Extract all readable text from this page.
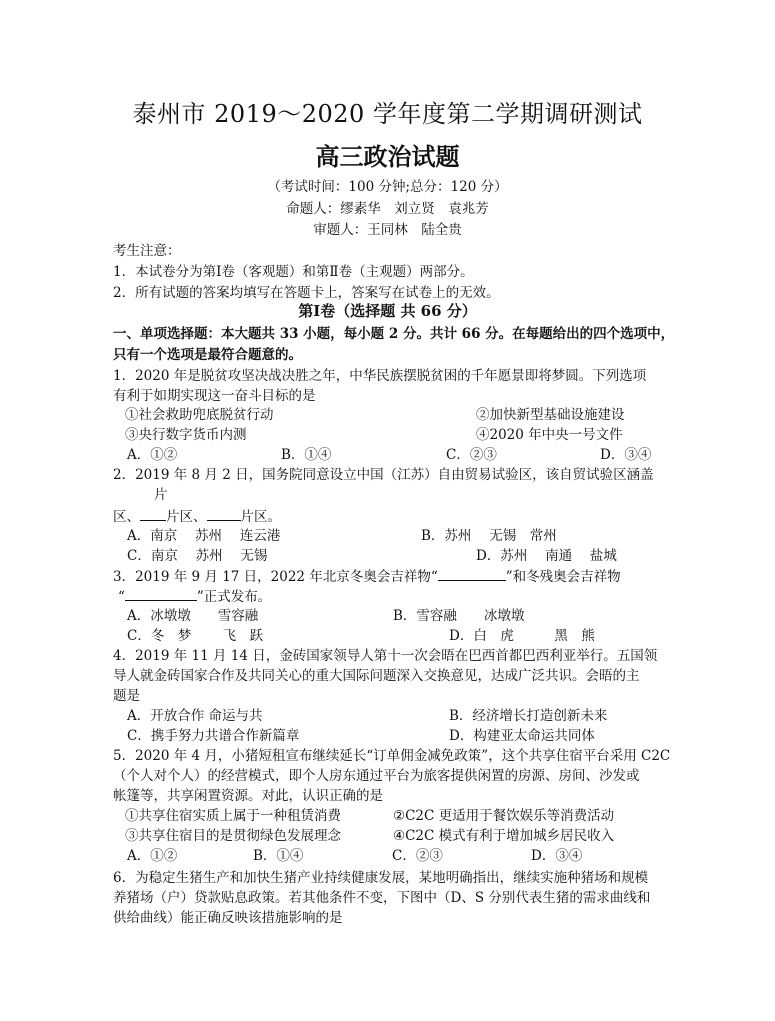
泰州市 2019～2020 学年度第二学期调研测试
高三政治试题
（考试时间：100 分钟;总分：120 分）
命题人：缪素华　刘立贤　袁兆芳
审题人：王同林　陆全贵
考生注意：
1．本试卷分为第Ⅰ卷（客观题）和第Ⅱ卷（主观题）两部分。
2．所有试题的答案均填写在答题卡上，答案写在试卷上的无效。
第Ⅰ卷（选择题 共 66 分）
一、单项选择题：本大题共 33 小题，每小题 2 分。共计 66 分。在每题给出的四个选项中，
只有一个选项是最符合题意的。
1．2020 年是脱贫攻坚决战决胜之年，中华民族摆脱贫困的千年愿景即将梦圆。下列选项
有利于如期实现这一奋斗目标的是
①社会救助兜底脱贫行动	②加快新型基础设施建设
③央行数字货币内测	④2020 年中央一号文件
A．①②	B．①④	C．②③	D．③④
2．2019 年 8 月 2 日，国务院同意设立中国（江苏）自由贸易试验区，该自贸试验区涵盖
片
区、 片区、	片区。
A．南京　 苏州　 连云港	B．苏州　 无锡　常州
C．南京　 苏州　 无锡	D．苏州　 南通　 盐城
3．2019 年 9 月 17 日，2022 年北京冬奥会吉祥物“	”和冬残奥会吉祥物
“	”正式发布。
A．冰墩墩　　雪容融	B．雪容融　　冰墩墩
C．冬　梦　　 飞　跃	D．白　虎　　　黑　熊
4．2019 年 11 月 14 日，金砖国家领导人第十一次会晤在巴西首都巴西利亚举行。五国领
导人就金砖国家合作及共同关心的重大国际问题深入交换意见，达成广泛共识。会晤的主
题是
A．开放合作 命运与共	B．经济增长打造创新未来
C．携手努力共谱合作新篇章	D．构建亚太命运共同体
5．2020 年 4 月，小猪短租宣布继续延长“订单佣金减免政策”，这个共享住宿平台采用 C2C
（个人对个人）的经营模式，即个人房东通过平台为旅客提供闲置的房源、房间、沙发或
帐篷等，共享闲置资源。对此，认识正确的是
①共享住宿实质上属于一种租赁消费	②C2C 更适用于餐饮娱乐等消费活动
③共享住宿目的是贯彻绿色发展理念	④C2C 模式有利于增加城乡居民收入
A．①②	B．①④	C．②③	D．③④
6．为稳定生猪生产和加快生猪产业持续健康发展，某地明确指出，继续实施种猪场和规模
养猪场（户）贷款贴息政策。若其他条件不变，下图中（D、S 分别代表生猪的需求曲线和
供给曲线）能正确反映该措施影响的是
